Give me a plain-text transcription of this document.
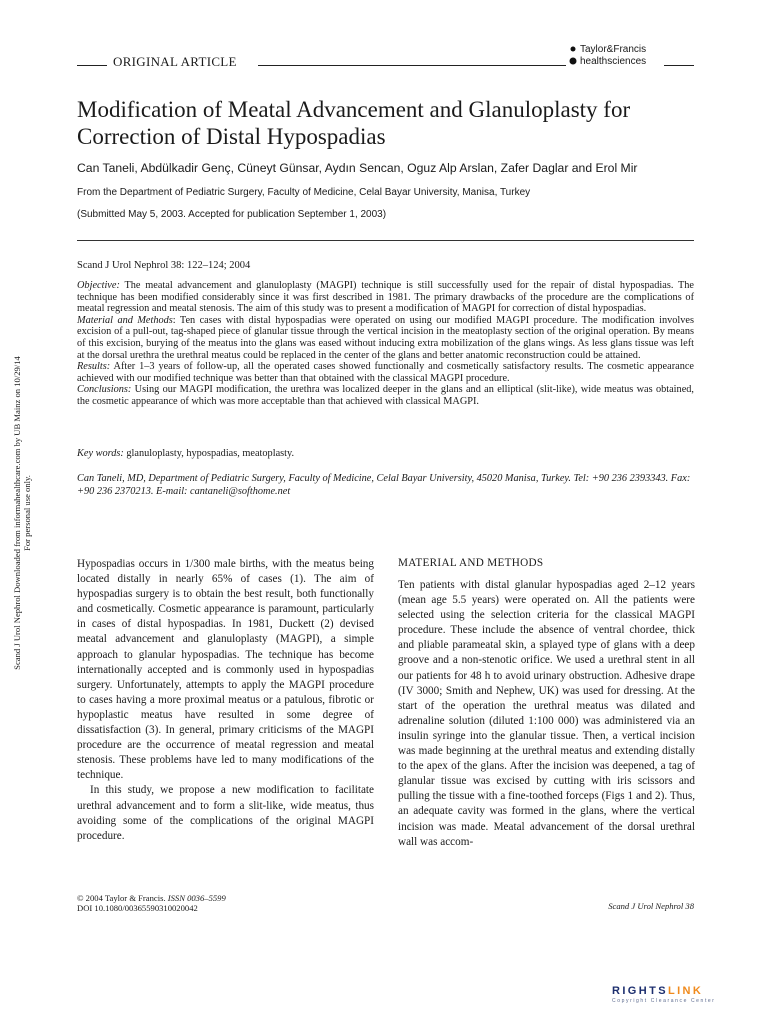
ORIGINAL ARTICLE
Taylor&Francis
healthsciences
Modification of Meatal Advancement and Glanuloplasty for Correction of Distal Hypospadias
Can Taneli, Abdülkadir Genç, Cüneyt Günsar, Aydın Sencan, Oguz Alp Arslan, Zafer Daglar and Erol Mir
From the Department of Pediatric Surgery, Faculty of Medicine, Celal Bayar University, Manisa, Turkey
(Submitted May 5, 2003. Accepted for publication September 1, 2003)
Scand J Urol Nephrol 38: 122–124; 2004

Objective: The meatal advancement and glanuloplasty (MAGPI) technique is still successfully used for the repair of distal hypospadias. The technique has been modified considerably since it was first described in 1981. The primary drawbacks of the procedure are the complications of meatal regression and meatal stenosis. The aim of this study was to present a modification of MAGPI for correction of distal hypospadias.

Material and Methods: Ten cases with distal hypospadias were operated on using our modified MAGPI procedure. The modification involves excision of a pull-out, tag-shaped piece of glanular tissue through the vertical incision in the meatoplasty section of the original operation. By means of this excision, burying of the meatus into the glans was eased without inducing extra mobilization of the glans wings. As less glans tissue was left at the dorsal urethra the urethral meatus could be replaced in the center of the glans and better anatomic reconstruction could be attained.

Results: After 1–3 years of follow-up, all the operated cases showed functionally and cosmetically satisfactory results. The cosmetic appearance achieved with our modified technique was better than that obtained with the classical MAGPI procedure.

Conclusions: Using our MAGPI modification, the urethra was localized deeper in the glans and an elliptical (slit-like), wide meatus was obtained, the cosmetic appearance of which was more acceptable than that achieved with classical MAGPI.

Key words: glanuloplasty, hypospadias, meatoplasty.
Can Taneli, MD, Department of Pediatric Surgery, Faculty of Medicine, Celal Bayar University, 45020 Manisa, Turkey. Tel: +90 236 2393343. Fax: +90 236 2370213. E-mail: cantaneli@softhome.net
Scand J Urol Nephrol Downloaded from informahealthcare.com by UB Mainz on 10/29/14 For personal use only.

Hypospadias occurs in 1/300 male births, with the meatus being located distally in nearly 65% of cases (1). The aim of hypospadias surgery is to obtain the best result, both functionally and cosmetically. Cosmetic appearance is paramount, particularly in cases of distal hypospadias. In 1981, Duckett (2) devised meatal advancement and glanuloplasty (MAGPI), a simple approach to glanular hypospadias. The technique has become internationally accepted and is commonly used in hypospadias surgery. Unfortunately, attempts to apply the MAGPI procedure to cases having a more proximal meatus or a patulous, fibrotic or hypoplastic meatus have resulted in some degree of dissatisfaction (3). In general, primary criticisms of the MAGPI procedure are the occurrence of meatal regression and meatal stenosis. These problems have led to many modifications of the technique.

In this study, we propose a new modification to facilitate urethral advancement and to form a slit-like, wide meatus, thus avoiding some of the complications of the original MAGPI procedure.

MATERIAL AND METHODS

Ten patients with distal glanular hypospadias aged 2–12 years (mean age 5.5 years) were operated on. All the patients were selected using the selection criteria for the classical MAGPI procedure. These include the absence of ventral chordee, thick and pliable parameatal skin, a splayed type of glans with a deep groove and a non-stenotic orifice. We used a urethral stent in all our patients for 48 h to avoid urinary obstruction. Adhesive drape (IV 3000; Smith and Nephew, UK) was used for dressing. At the start of the operation the urethral meatus was dilated and adrenaline solution (diluted 1:100 000) was administered via an insulin syringe into the glanular tissue. Then, a vertical incision was made beginning at the urethral meatus and extending distally to the apex of the glans. After the incision was deepened, a tag of glanular tissue was excised by cutting with iris scissors and pulling the tissue with a fine-toothed forceps (Figs 1 and 2). Thus, an adequate cavity was formed in the glans, where the vertical incision was made. Meatal advancement of the dorsal urethral wall was accom-

© 2004 Taylor & Francis. ISSN 0036–5599
DOI 10.1080/00365590310020042	Scand J Urol Nephrol 38
RIGHTSLINK
Copyright Clearance Center
